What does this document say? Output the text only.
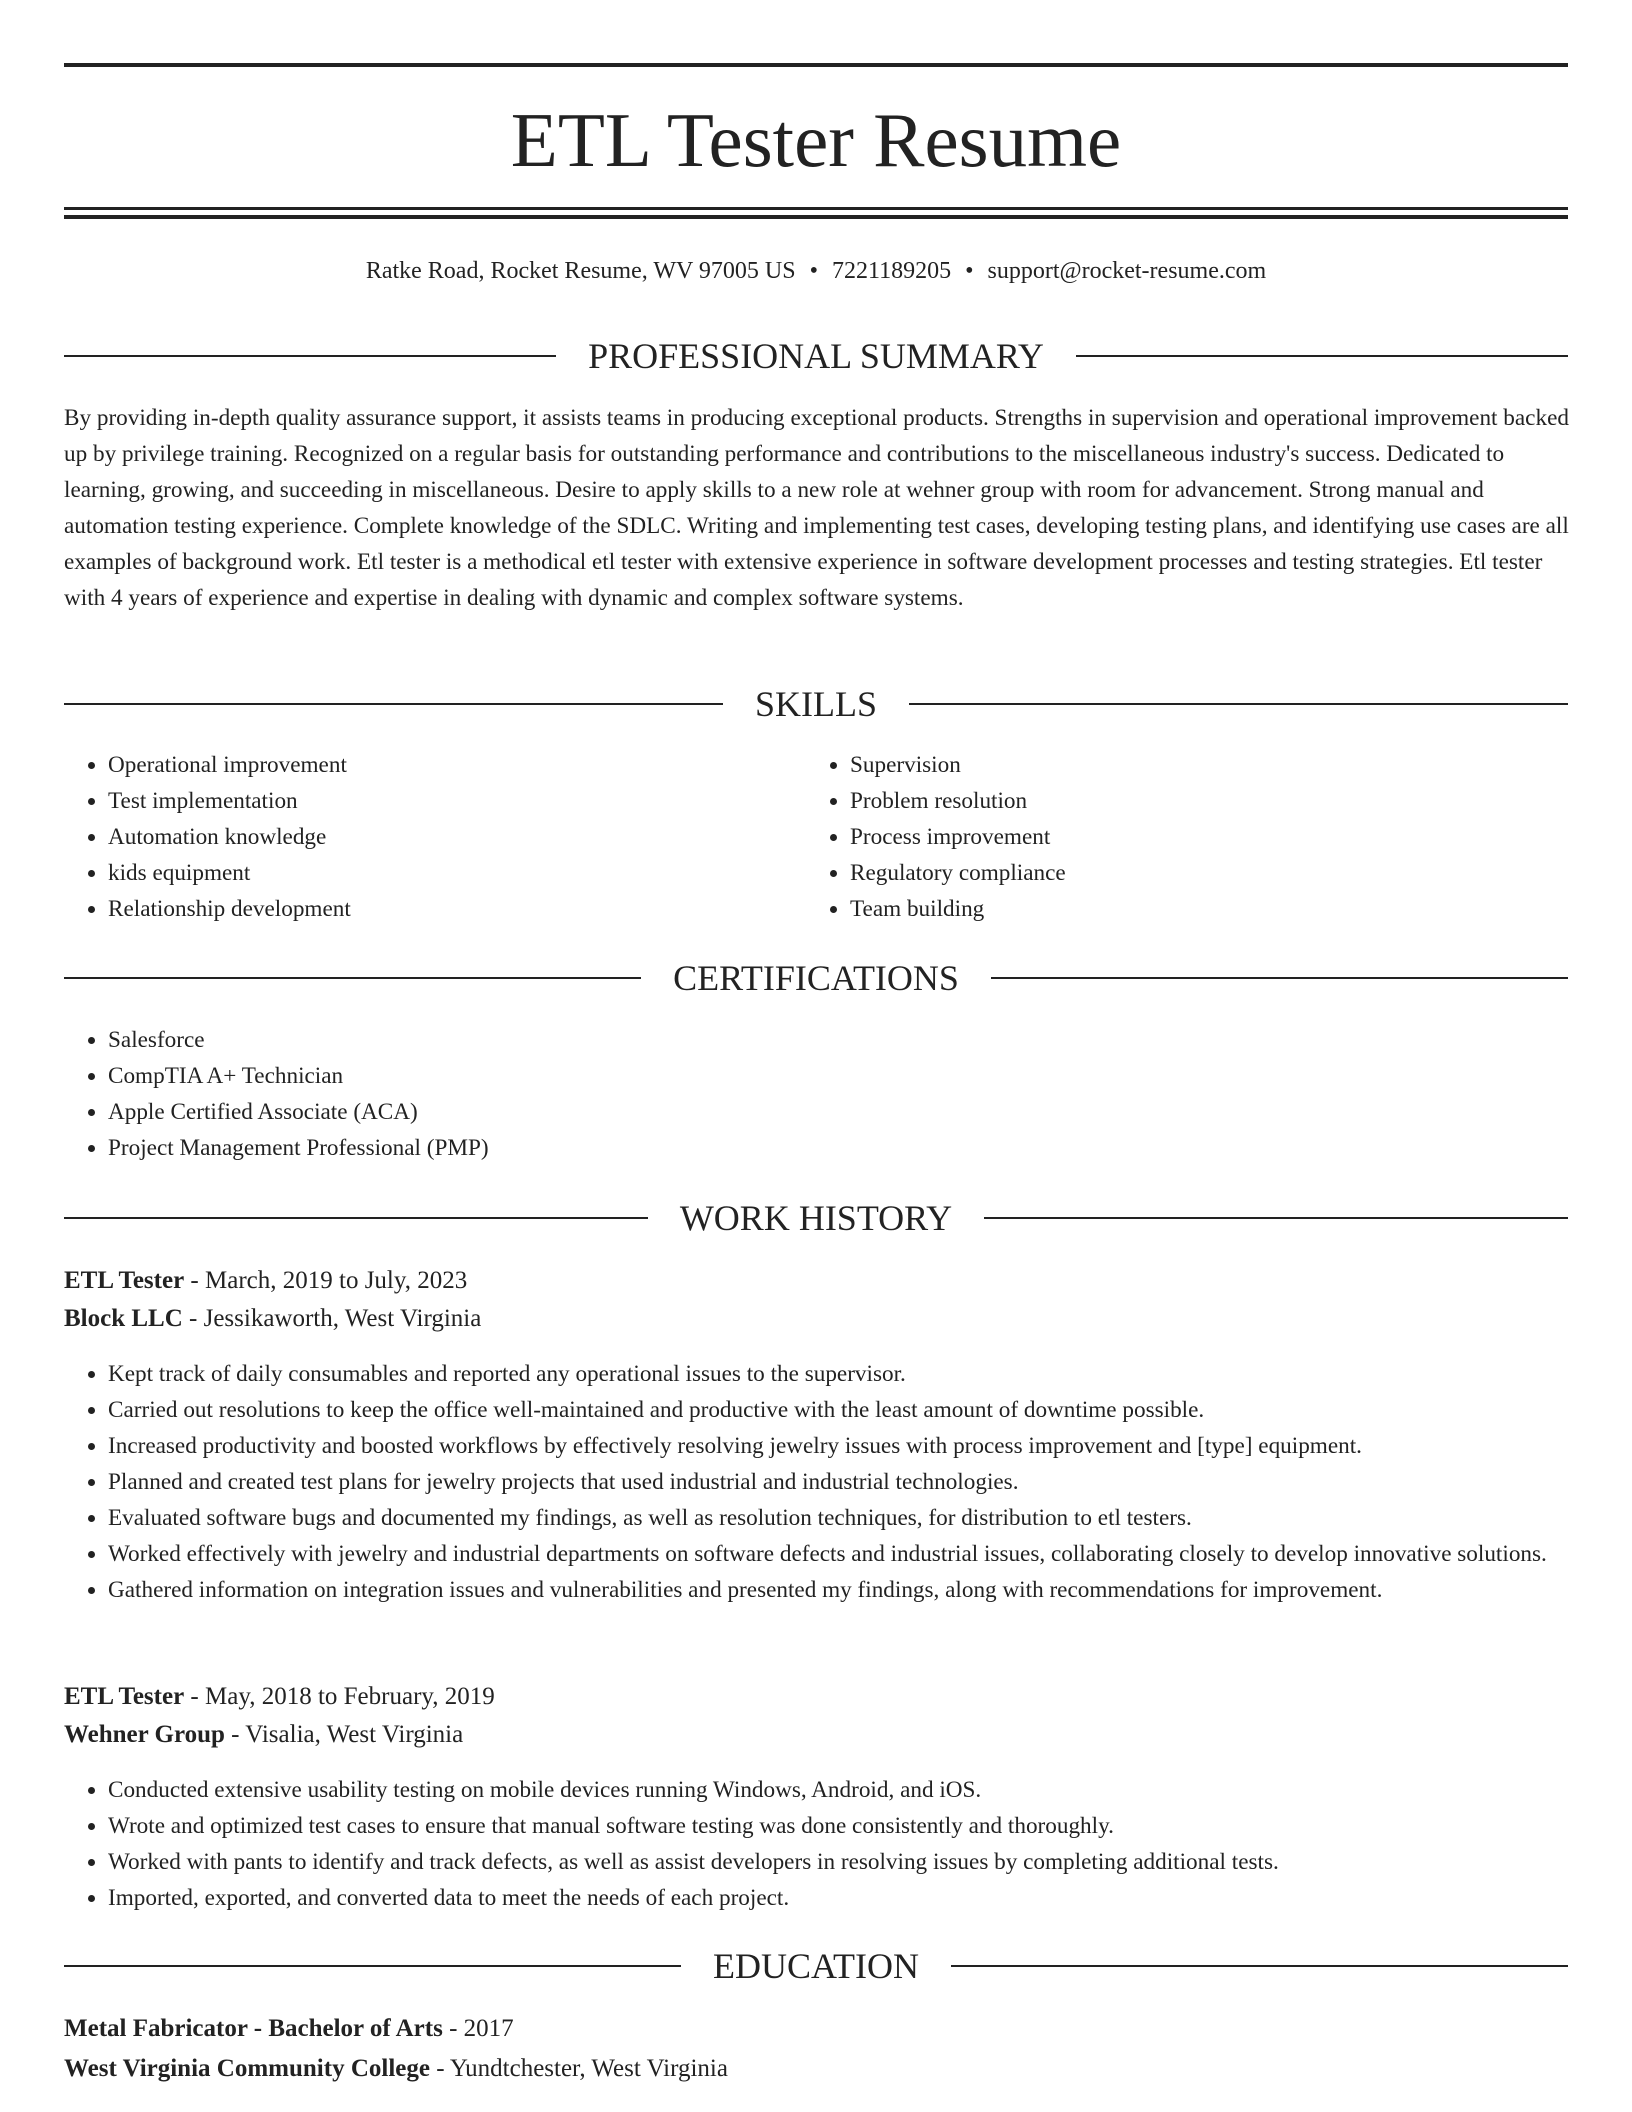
ETL Tester Resume
Ratke Road, Rocket Resume, WV 97005 US • 7221189205 • support@rocket-resume.com
PROFESSIONAL SUMMARY

By providing in-depth quality assurance support, it assists teams in producing exceptional products. Strengths in supervision and operational improvement backed up by privilege training. Recognized on a regular basis for outstanding performance and contributions to the miscellaneous industry's success. Dedicated to learning, growing, and succeeding in miscellaneous. Desire to apply skills to a new role at wehner group with room for advancement. Strong manual and automation testing experience. Complete knowledge of the SDLC. Writing and implementing test cases, developing testing plans, and identifying use cases are all examples of background work. Etl tester is a methodical etl tester with extensive experience in software development processes and testing strategies. Etl tester with 4 years of experience and expertise in dealing with dynamic and complex software systems.

SKILLS
• Operational improvement
• Test implementation
• Automation knowledge
• kids equipment
• Relationship development
• Supervision
• Problem resolution
• Process improvement
• Regulatory compliance
• Team building
CERTIFICATIONS
• Salesforce
• CompTIA A+ Technician
• Apple Certified Associate (ACA)
• Project Management Professional (PMP)
WORK HISTORY
ETL Tester - March, 2019 to July, 2023
Block LLC - Jessikaworth, West Virginia
• Kept track of daily consumables and reported any operational issues to the supervisor.
• Carried out resolutions to keep the office well-maintained and productive with the least amount of downtime possible.
• Increased productivity and boosted workflows by effectively resolving jewelry issues with process improvement and [type] equipment.
• Planned and created test plans for jewelry projects that used industrial and industrial technologies.
• Evaluated software bugs and documented my findings, as well as resolution techniques, for distribution to etl testers.
• Worked effectively with jewelry and industrial departments on software defects and industrial issues, collaborating closely to develop innovative solutions.
• Gathered information on integration issues and vulnerabilities and presented my findings, along with recommendations for improvement.
ETL Tester - May, 2018 to February, 2019
Wehner Group - Visalia, West Virginia
• Conducted extensive usability testing on mobile devices running Windows, Android, and iOS.
• Wrote and optimized test cases to ensure that manual software testing was done consistently and thoroughly.
• Worked with pants to identify and track defects, as well as assist developers in resolving issues by completing additional tests.
• Imported, exported, and converted data to meet the needs of each project.
EDUCATION
Metal Fabricator - Bachelor of Arts - 2017
West Virginia Community College - Yundtchester, West Virginia
